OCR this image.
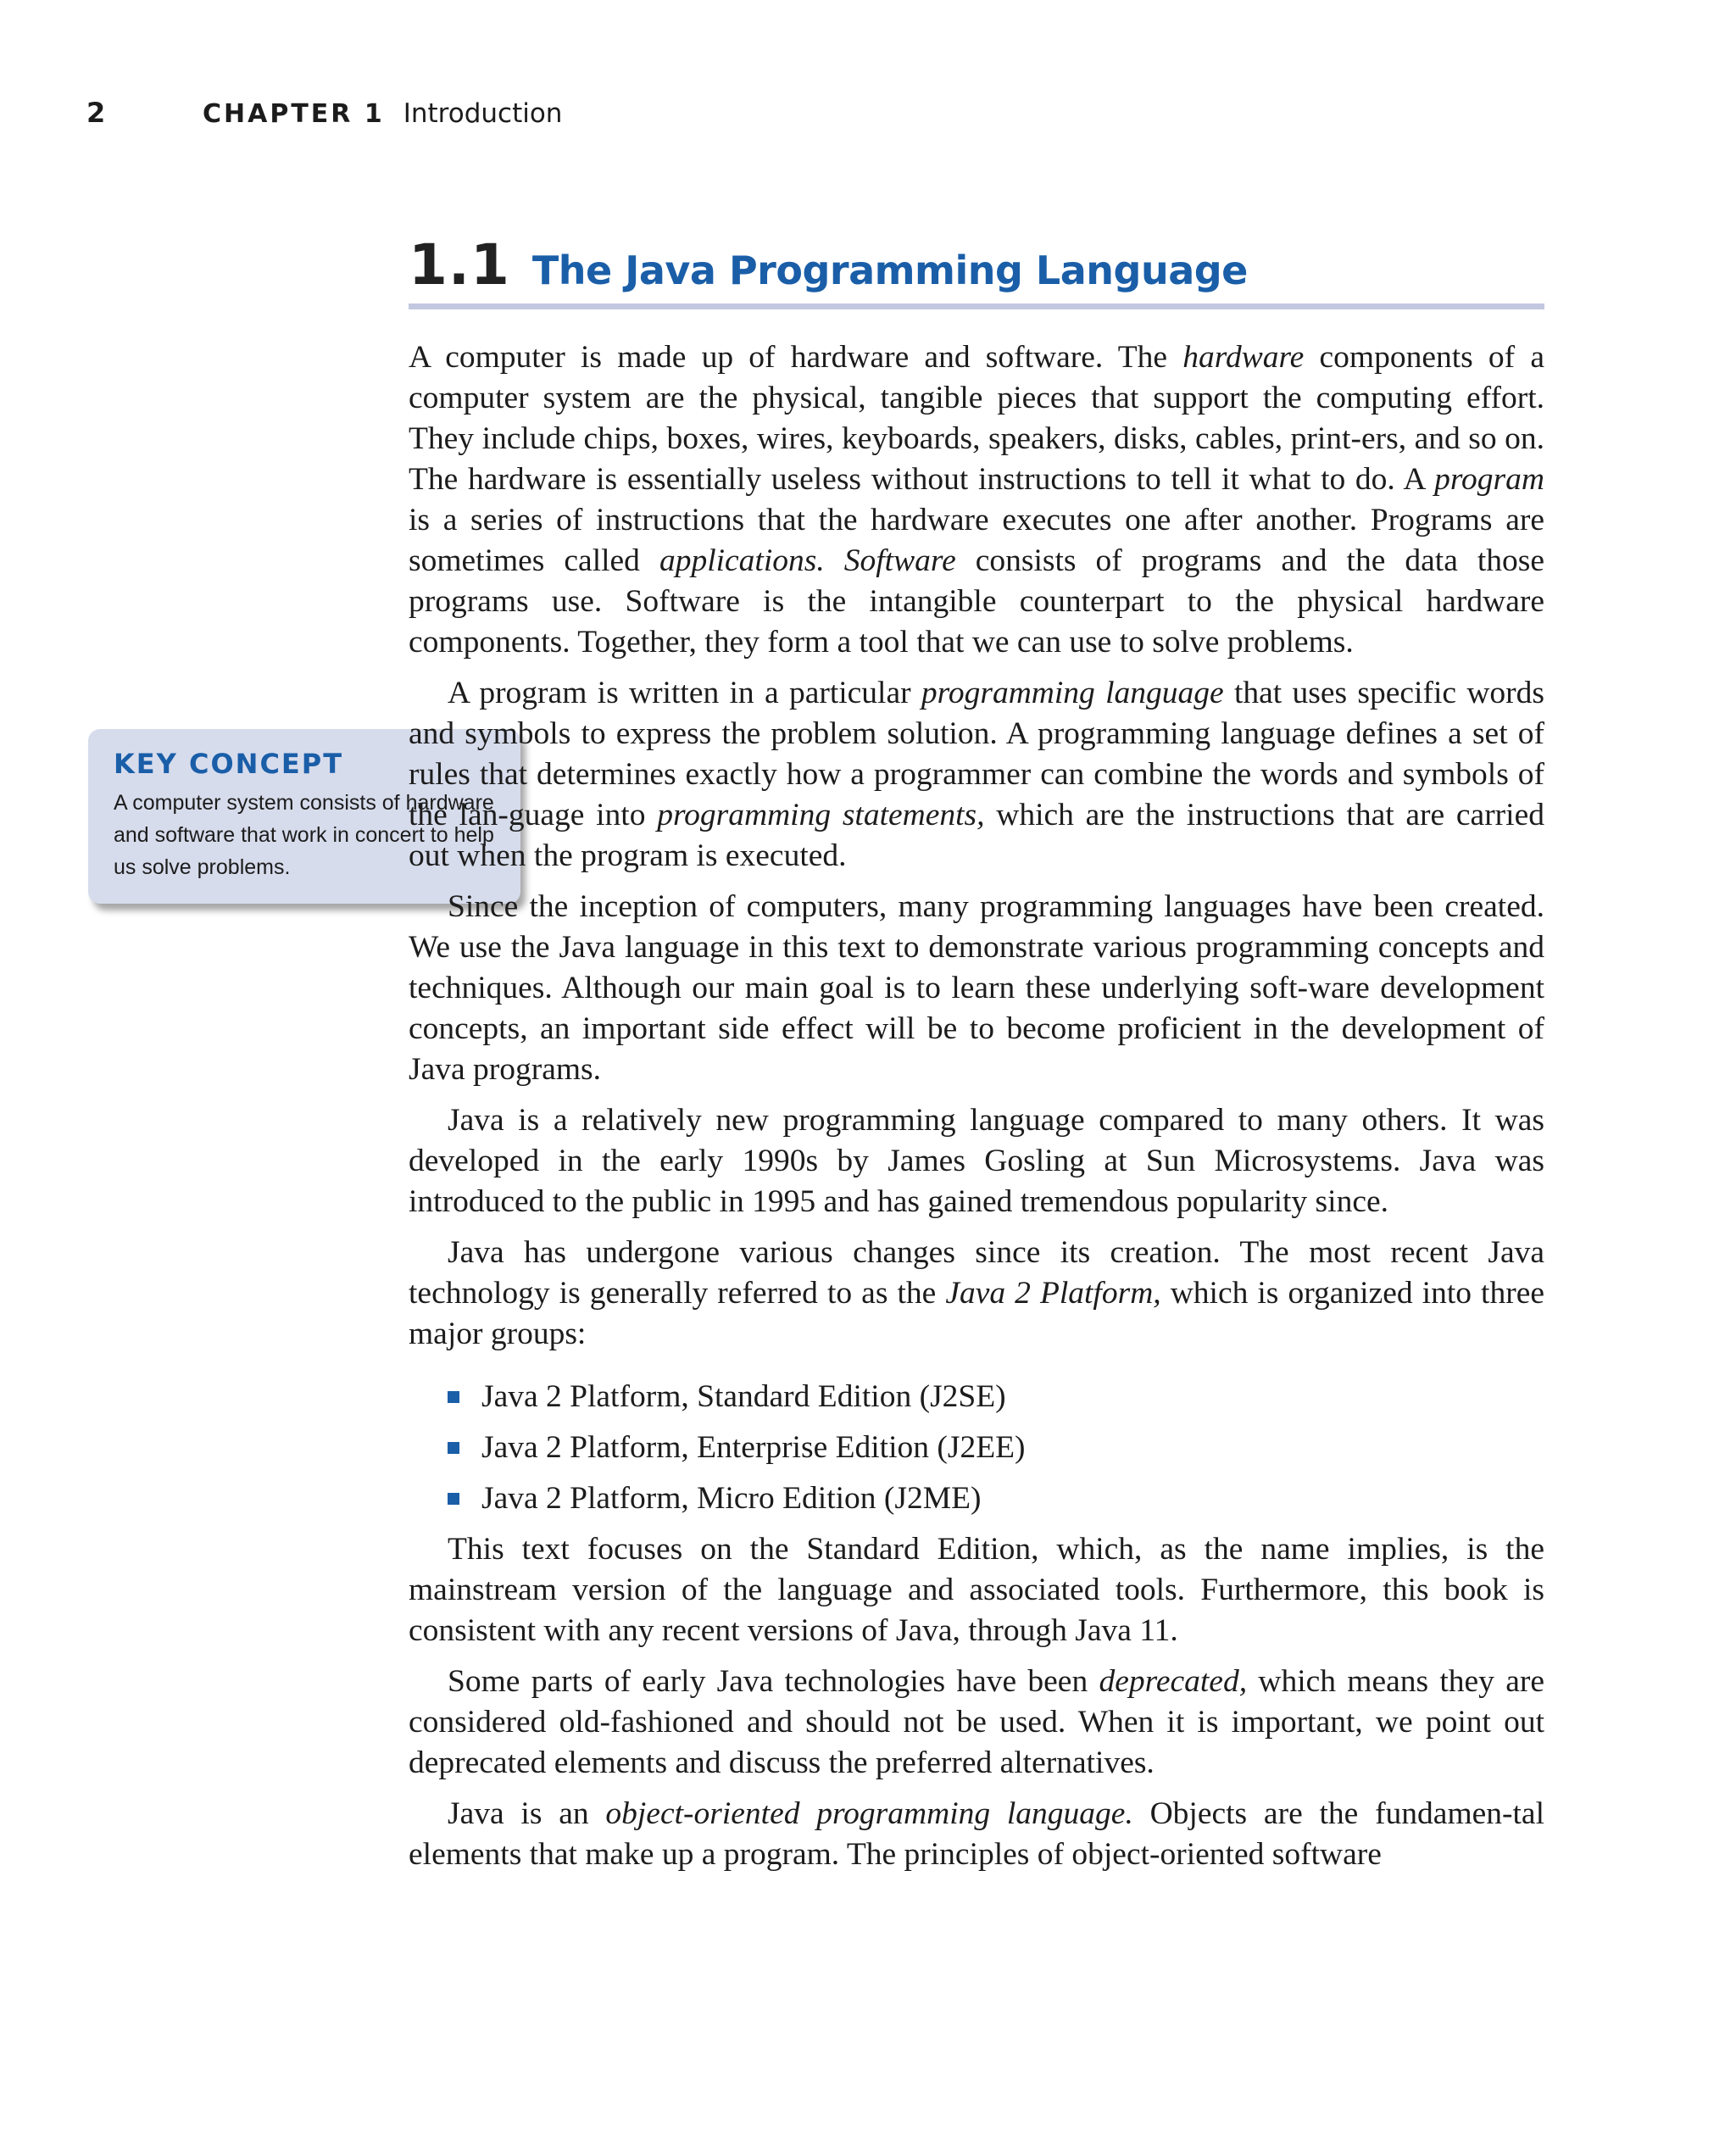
2	CHAPTER 1 Introduction
1.1 The Java Programming Language
KEY CONCEPT
A computer system consists of hardware and software that work in concert to help us solve problems.

A computer is made up of hardware and software. The hardware components of a computer system are the physical, tangible pieces that support the computing effort. They include chips, boxes, wires, keyboards, speakers, disks, cables, print-ers, and so on. The hardware is essentially useless without instructions to tell it what to do. A program is a series of instructions that the hardware executes one after another. Programs are sometimes called applications. Software consists of programs and the data those programs use. Software is the intangible counterpart to the physical hardware components. Together, they form a tool that we can use to solve problems.

A program is written in a particular programming language that uses specific words and symbols to express the problem solution. A programming language defines a set of rules that determines exactly how a programmer can combine the words and symbols of the lan-guage into programming statements, which are the instructions that are carried out when the program is executed.

Since the inception of computers, many programming languages have been created. We use the Java language in this text to demonstrate various programming concepts and techniques. Although our main goal is to learn these underlying soft-ware development concepts, an important side effect will be to become proficient in the development of Java programs.

Java is a relatively new programming language compared to many others. It was developed in the early 1990s by James Gosling at Sun Microsystems. Java was introduced to the public in 1995 and has gained tremendous popularity since.

Java has undergone various changes since its creation. The most recent Java technology is generally referred to as the Java 2 Platform, which is organized into three major groups:

Java 2 Platform, Standard Edition (J2SE)
Java 2 Platform, Enterprise Edition (J2EE)
Java 2 Platform, Micro Edition (J2ME)

This text focuses on the Standard Edition, which, as the name implies, is the mainstream version of the language and associated tools. Furthermore, this book is consistent with any recent versions of Java, through Java 11.

Some parts of early Java technologies have been deprecated, which means they are considered old-fashioned and should not be used. When it is important, we point out deprecated elements and discuss the preferred alternatives.

Java is an object-oriented programming language. Objects are the fundamen-tal elements that make up a program. The principles of object-oriented software
